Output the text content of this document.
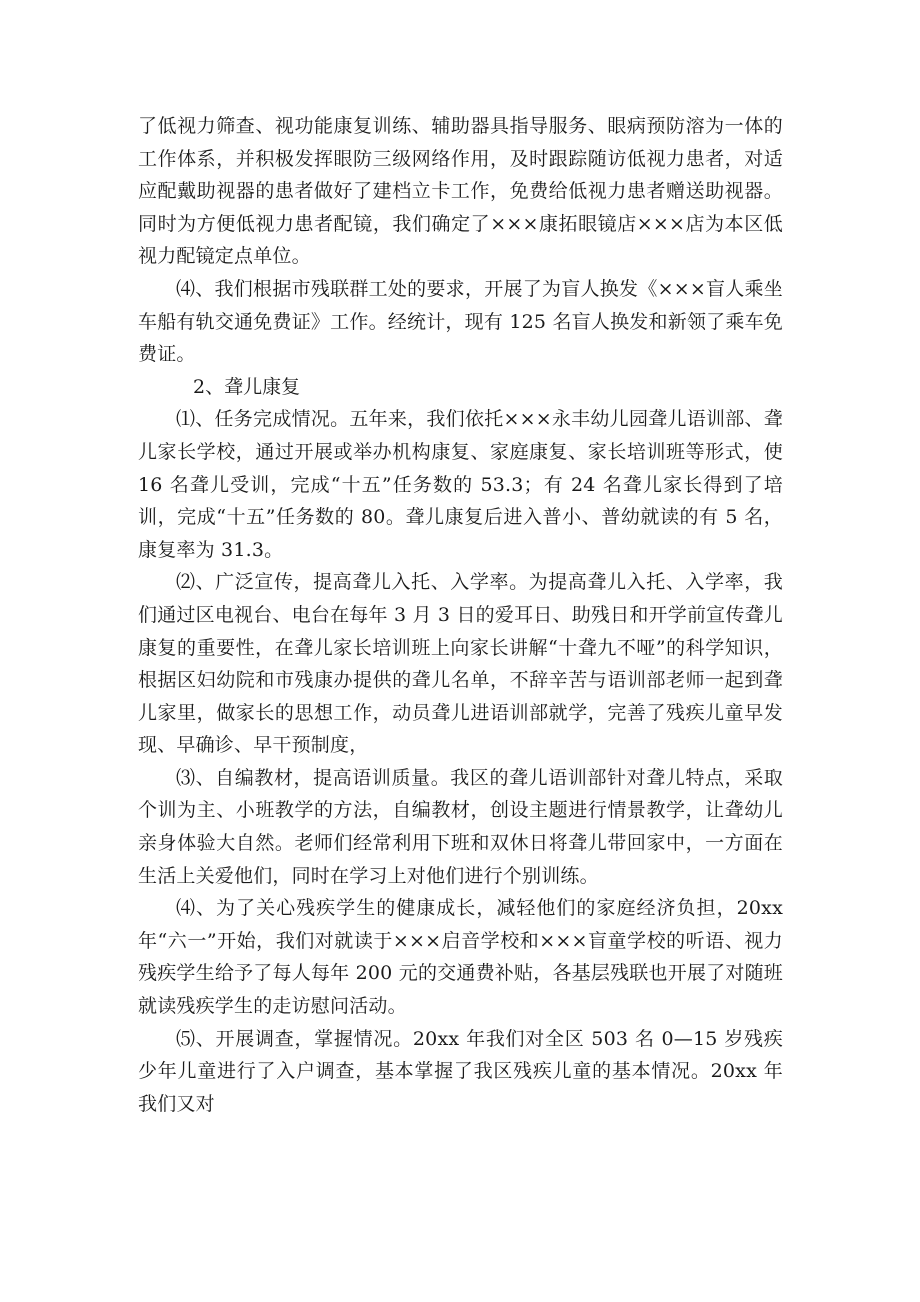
了低视力筛查、视功能康复训练、辅助器具指导服务、眼病预防溶为一体的工作体系，并积极发挥眼防三级网络作用，及时跟踪随访低视力患者，对适应配戴助视器的患者做好了建档立卡工作，免费给低视力患者赠送助视器。同时为方便低视力患者配镜，我们确定了×××康拓眼镜店×××店为本区低视力配镜定点单位。

⑷、我们根据市残联群工处的要求，开展了为盲人换发《×××盲人乘坐车船有轨交通免费证》工作。经统计，现有 125 名盲人换发和新领了乘车免费证。

2、聋儿康复

⑴、任务完成情况。五年来，我们依托×××永丰幼儿园聋儿语训部、聋儿家长学校，通过开展或举办机构康复、家庭康复、家长培训班等形式，使 16 名聋儿受训，完成“十五”任务数的 53.3；有 24 名聋儿家长得到了培训，完成“十五”任务数的 80。聋儿康复后进入普小、普幼就读的有 5 名，康复率为 31.3。

⑵、广泛宣传，提高聋儿入托、入学率。为提高聋儿入托、入学率，我们通过区电视台、电台在每年 3 月 3 日的爱耳日、助残日和开学前宣传聋儿康复的重要性，在聋儿家长培训班上向家长讲解“十聋九不哑”的科学知识，根据区妇幼院和市残康办提供的聋儿名单，不辞辛苦与语训部老师一起到聋儿家里，做家长的思想工作，动员聋儿进语训部就学，完善了残疾儿童早发现、早确诊、早干预制度，

⑶、自编教材，提高语训质量。我区的聋儿语训部针对聋儿特点，采取个训为主、小班教学的方法，自编教材，创设主题进行情景教学，让聋幼儿亲身体验大自然。老师们经常利用下班和双休日将聋儿带回家中，一方面在生活上关爱他们，同时在学习上对他们进行个别训练。

⑷、为了关心残疾学生的健康成长，减轻他们的家庭经济负担，20xx 年“六一”开始，我们对就读于×××启音学校和×××盲童学校的听语、视力残疾学生给予了每人每年 200 元的交通费补贴，各基层残联也开展了对随班就读残疾学生的走访慰问活动。

⑸、开展调查，掌握情况。20xx 年我们对全区 503 名 0—15 岁残疾少年儿童进行了入户调查，基本掌握了我区残疾儿童的基本情况。20xx 年我们又对
